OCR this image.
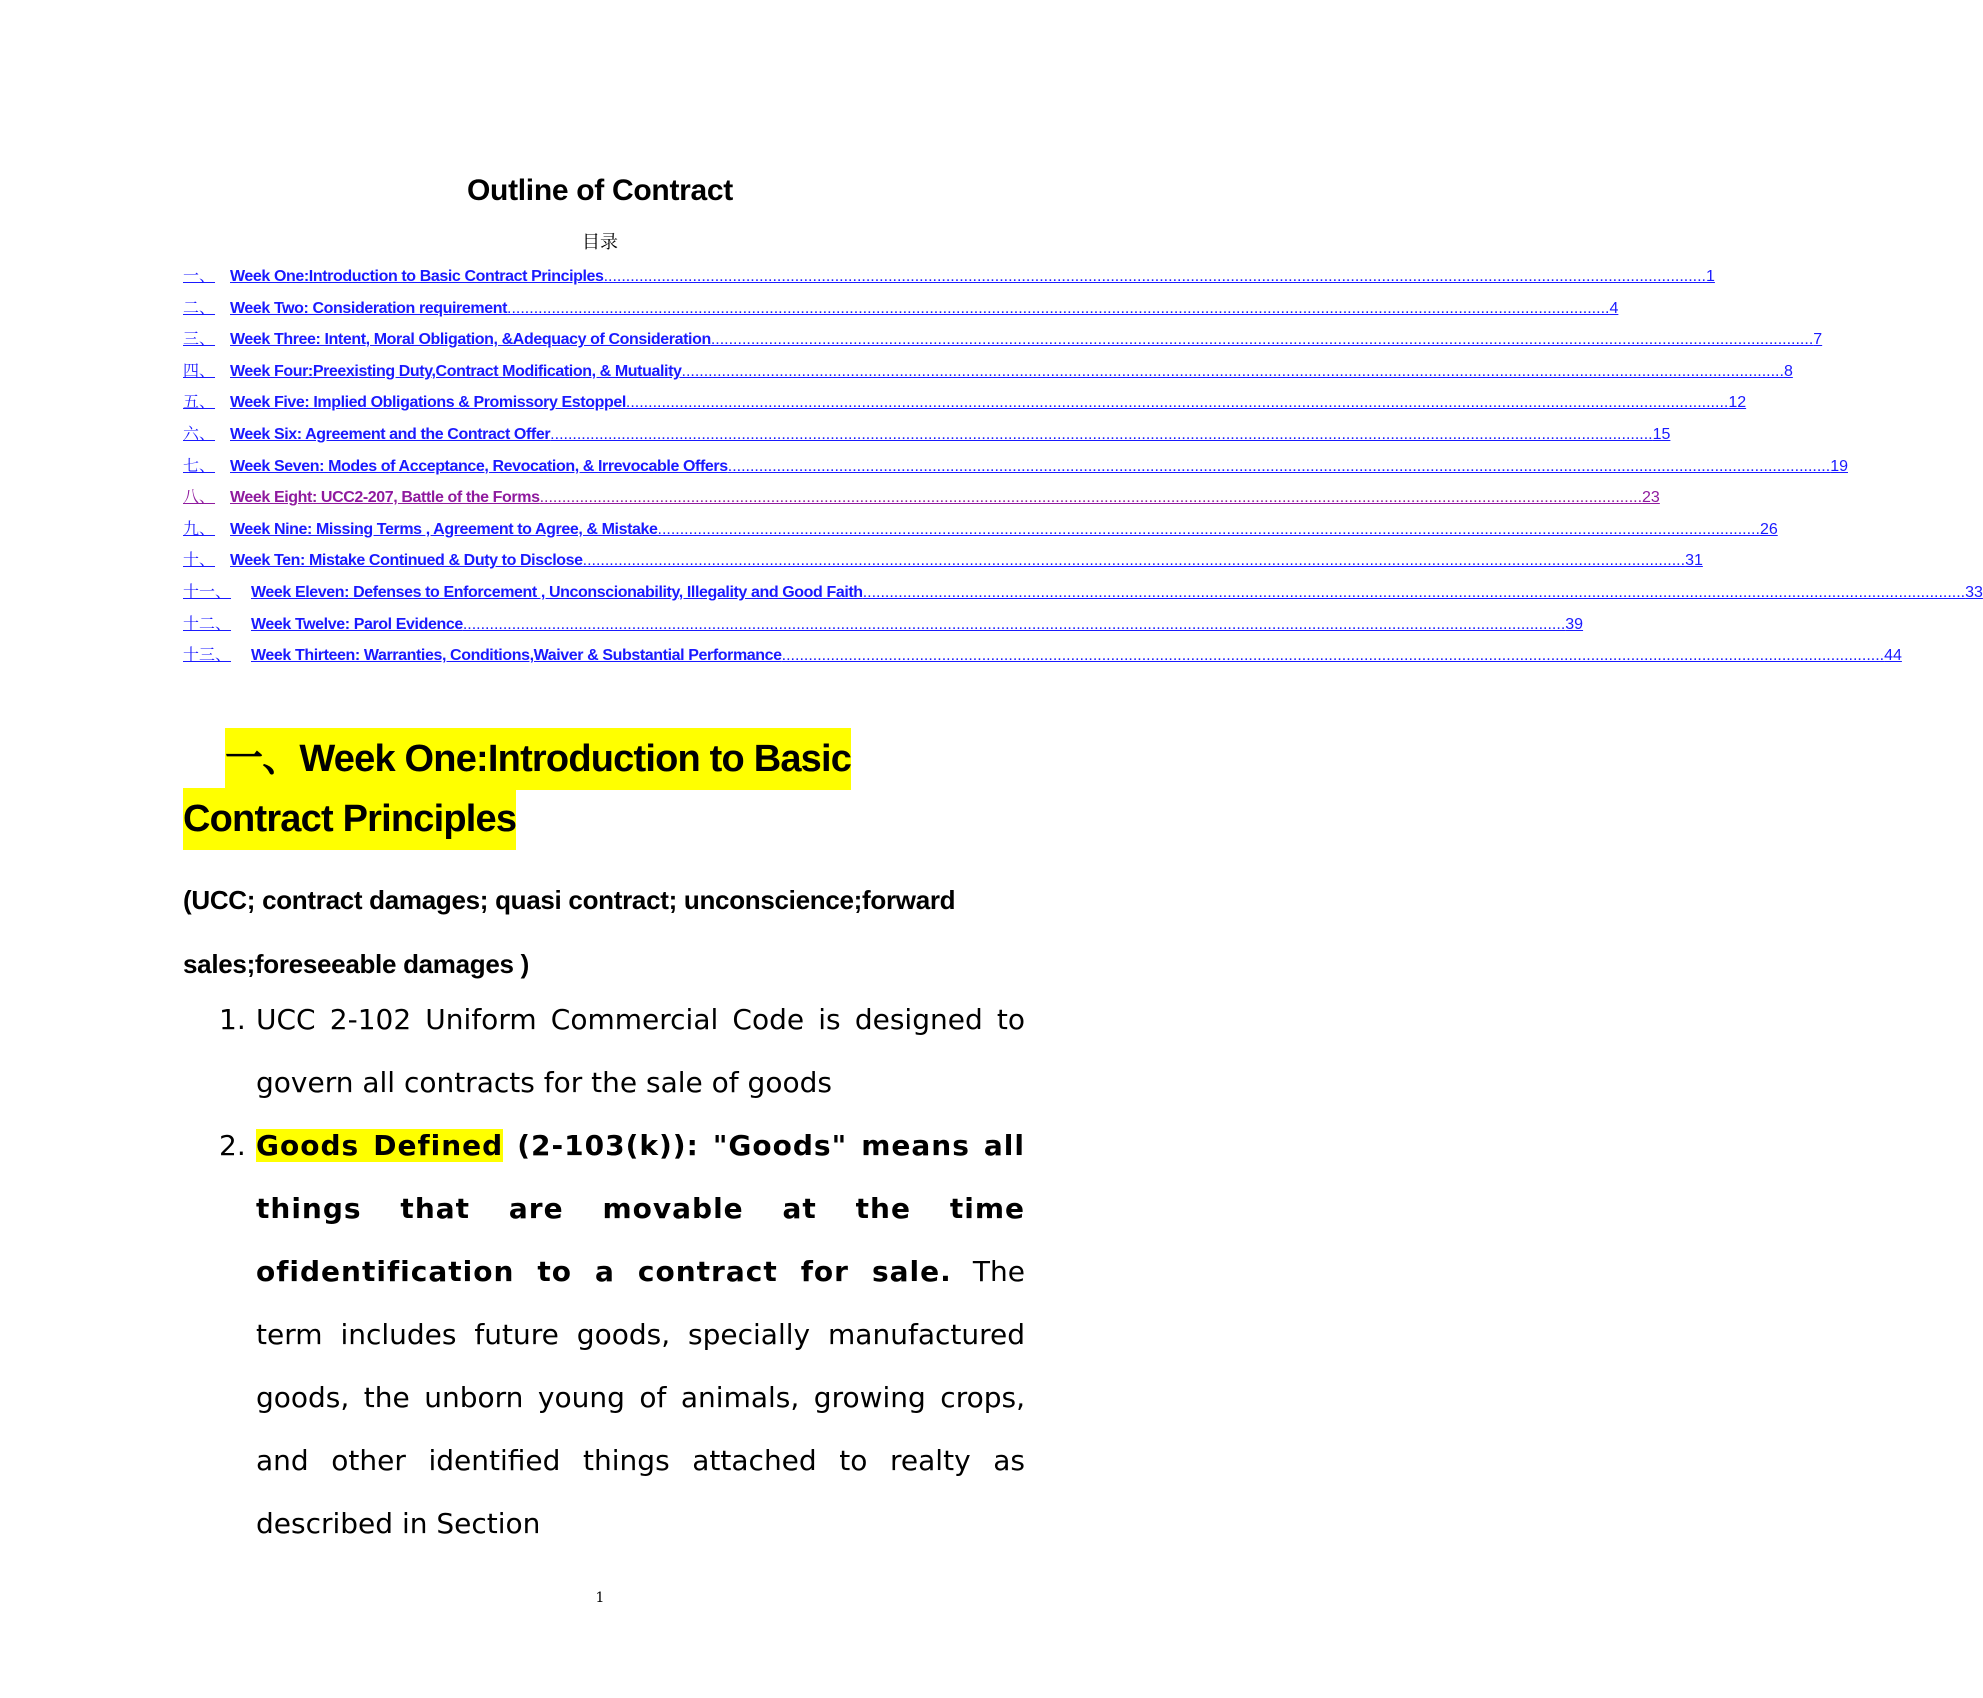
Outline of Contract
目录
一、 Week One:Introduction to Basic Contract Principles .....	1
二、 Week Two: Consideration requirement .....	4
三、 Week Three: Intent, Moral Obligation, &Adequacy of Consideration .....	7
四、 Week Four:Preexisting Duty,Contract Modification, & Mutuality .....	8
五、 Week Five: Implied Obligations & Promissory Estoppel .....	12
六、 Week Six: Agreement and the Contract Offer .....	15
七、 Week Seven: Modes of Acceptance, Revocation, & Irrevocable Offers .....	19
八、 Week Eight: UCC2-207, Battle of the Forms .....	23
九、 Week Nine: Missing Terms , Agreement to Agree, & Mistake .....	26
十、 Week Ten: Mistake Continued & Duty to Disclose .....	31
十一、	Week Eleven: Defenses to Enforcement , Unconscionability, Illegality and Good Faith .....	33
十二、	Week Twelve: Parol Evidence .....	39
十三、	Week Thirteen: Warranties, Conditions,Waiver & Substantial Performance .....	44
一、Week One:Introduction to Basic
Contract Principles
(UCC; contract damages; quasi contract; unconscience;forward sales;foreseeable damages )
1. UCC 2-102 Uniform Commercial Code is designed to govern all contracts for the sale of goods
2. Goods Defined (2-103(k)): "Goods" means all things that are movable at the time ofidentification to a contract for sale. The term includes future goods, specially manufactured goods, the unborn young of animals, growing crops, and other identified things attached to realty as described in Section
1
